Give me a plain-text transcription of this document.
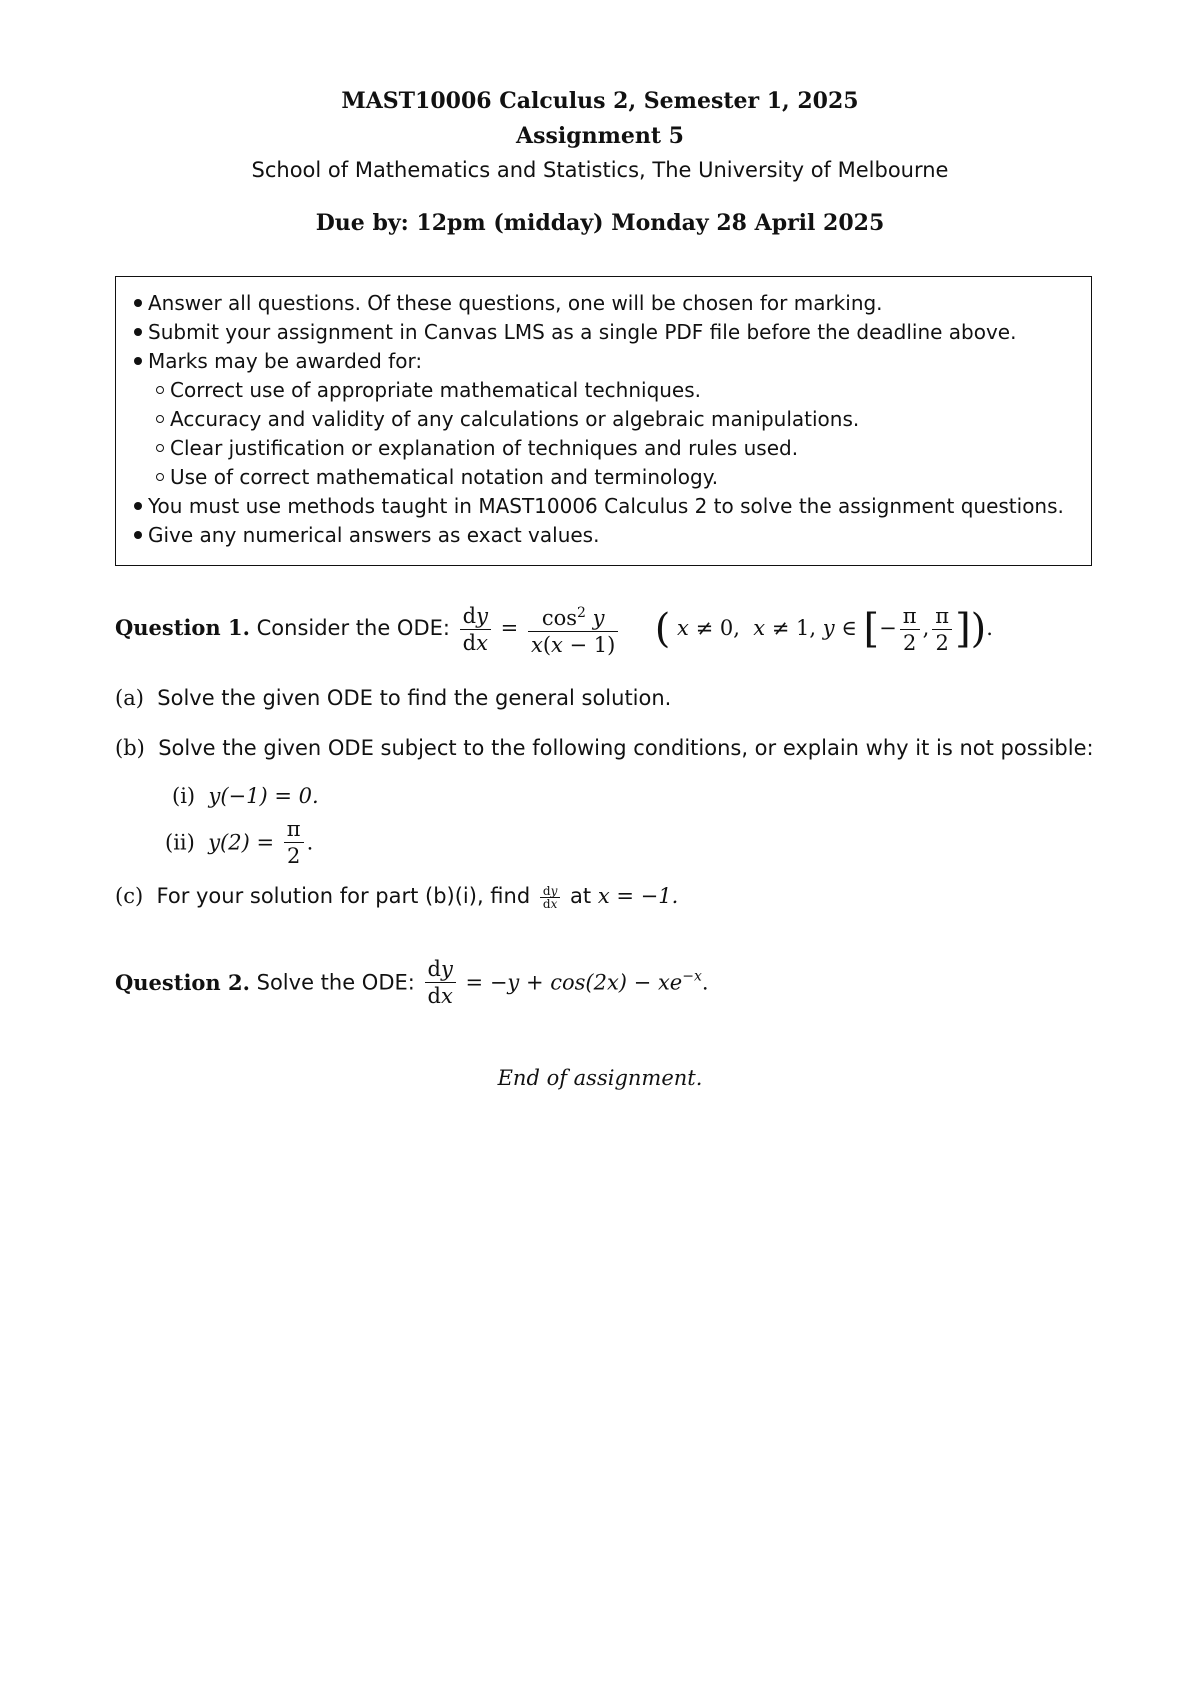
MAST10006 Calculus 2, Semester 1, 2025
Assignment 5
School of Mathematics and Statistics, The University of Melbourne
Due by: 12pm (midday) Monday 28 April 2025
Answer all questions. Of these questions, one will be chosen for marking.
Submit your assignment in Canvas LMS as a single PDF file before the deadline above.
Marks may be awarded for:
Correct use of appropriate mathematical techniques.
Accuracy and validity of any calculations or algebraic manipulations.
Clear justification or explanation of techniques and rules used.
Use of correct mathematical notation and terminology.
You must use methods taught in MAST10006 Calculus 2 to solve the assignment questions.
Give any numerical answers as exact values.
Question 1. Consider the ODE: $\frac{dy}{dx} = \frac{\cos^2 y}{x(x - 1)}$ ( x ≠ 0,  x ≠ 1, y ∈ [− $\frac{\pi}{2}$ , $\frac{\pi}{2}$ ]).
(a) Solve the given ODE to find the general solution.
(b) Solve the given ODE subject to the following conditions, or explain why it is not possible:
(i) y(−1) = 0.
(ii) $y(2) = \frac{\pi}{2}$ .
(c) For your solution for part (b)(i), find $\frac{dy}{dx}$ at x = −1.
Question 2. Solve the ODE: $\frac{dy}{dx} = -y + \cos(2x) - xe^{-x}$.
End of assignment.
